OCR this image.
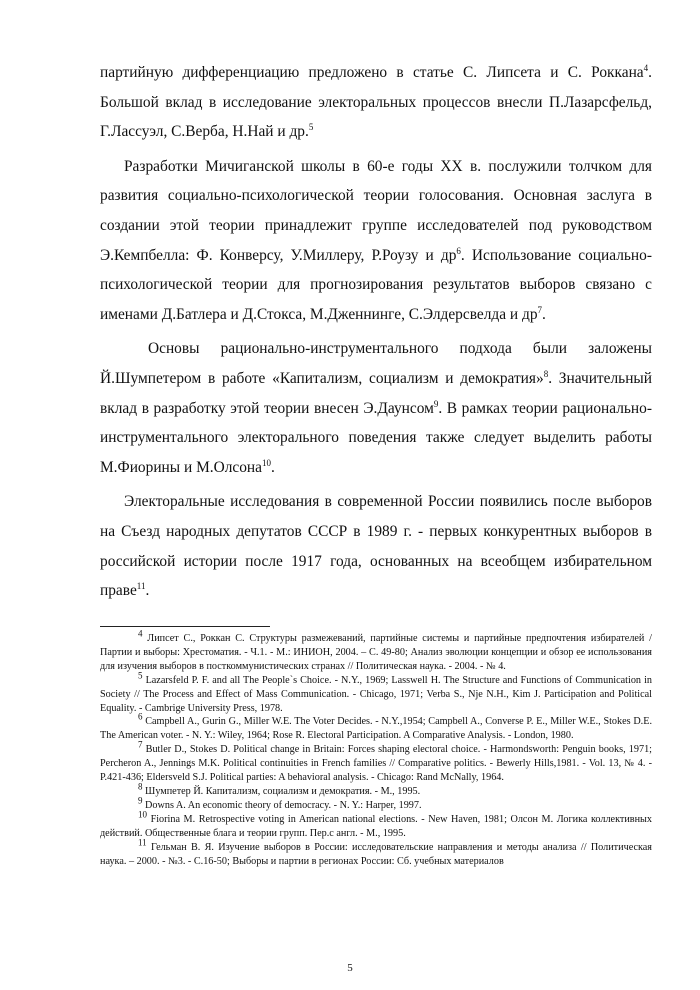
партийную дифференциацию предложено в статье С. Липсета и С. Роккана$^4$. Большой вклад в исследование электоральных процессов внесли П.Лазарсфельд, Г.Лассуэл, С.Верба, Н.Най и др.$^5$

Разработки Мичиганской школы в 60-е годы XX в. послужили толчком для развития социально-психологической теории голосования. Основная заслуга в создании этой теории принадлежит группе исследователей под руководством Э.Кемпбелла: Ф. Конверсу, У.Миллеру, Р.Роузу и $др^6$. Использование социально-психологической теории для прогнозирования результатов выборов связано с именами Д.Батлера и Д.Стокса, М.Дженнинге, С.Элдерсвелда и $др^7$.

Основы рационально-инструментального подхода были заложены Й.Шумпетером в работе «Капитализм, социализм и демократия»$^8$. Значительный вклад в разработку этой теории внесен Э.Даунсом$^9$. В рамках теории рационально-инструментального электорального поведения также следует выделить работы М.Фиорины и М.Олсона$^{10}$.

Электоральные исследования в современной России появились после выборов на Съезд народных депутатов СССР в 1989 г. - первых конкурентных выборов в российской истории после 1917 года, основанных на всеобщем избирательном праве$^{11}$.

$^4$ Липсет С., Роккан С. Структуры размежеваний, партийные системы и партийные предпочтения избирателей / Партии и выборы: Хрестоматия. - Ч.1. - М.: ИНИОН, 2004. – С. 49-80; Анализ эволюции концепции и обзор ее использования для изучения выборов в посткоммунистических странах // Политическая наука. - 2004. - № 4.

$^5$ Lazarsfeld P. F. and all The People`s Choice. - N.Y., 1969; Lasswell H. The Structure and Functions of Communication in Society // The Process and Effect of Mass Communication. - Chicago, 1971; Verba S., Nje N.H., Kim J. Participation and Political Equality. - Cambrige University Press, 1978.

$^6$ Campbell A., Gurin G., Miller W.E. The Voter Decides. - N.Y.,1954; Campbell A., Converse P. E., Miller W.E., Stokes D.E. The American voter. - N. Y.: Wiley, 1964; Rose R. Electoral Participation. A Comparative Analysis. - London, 1980.

$^7$ Butler D., Stokes D. Political change in Britain: Forces shaping electoral choice. - Harmondsworth: Penguin books, 1971; Percheron A., Jennings M.K. Political continuities in French families // Comparative politics. - Bewerly Hills,1981. - Vol. 13, № 4. - P.421-436; Eldersveld S.J. Political parties: A behavioral analysis. - Chicago: Rand McNally, 1964.

$^8$ Шумпетер Й. Капитализм, социализм и демократия. - М., 1995.

$^9$ Downs A. An economic theory of democracy. - N. Y.: Harper, 1997.

$^{10}$ Fiorina M. Retrospective voting in American national elections. - New Haven, 1981; Олсон М. Логика коллективных действий. Общественные блага и теории групп. Пер.с англ. - М., 1995.

$^{11}$ Гельман В. Я. Изучение выборов в России: исследовательские направления и методы анализа // Политическая наука. – 2000. - №3. - С.16-50; Выборы и партии в регионах России: Сб. учебных материалов

5
